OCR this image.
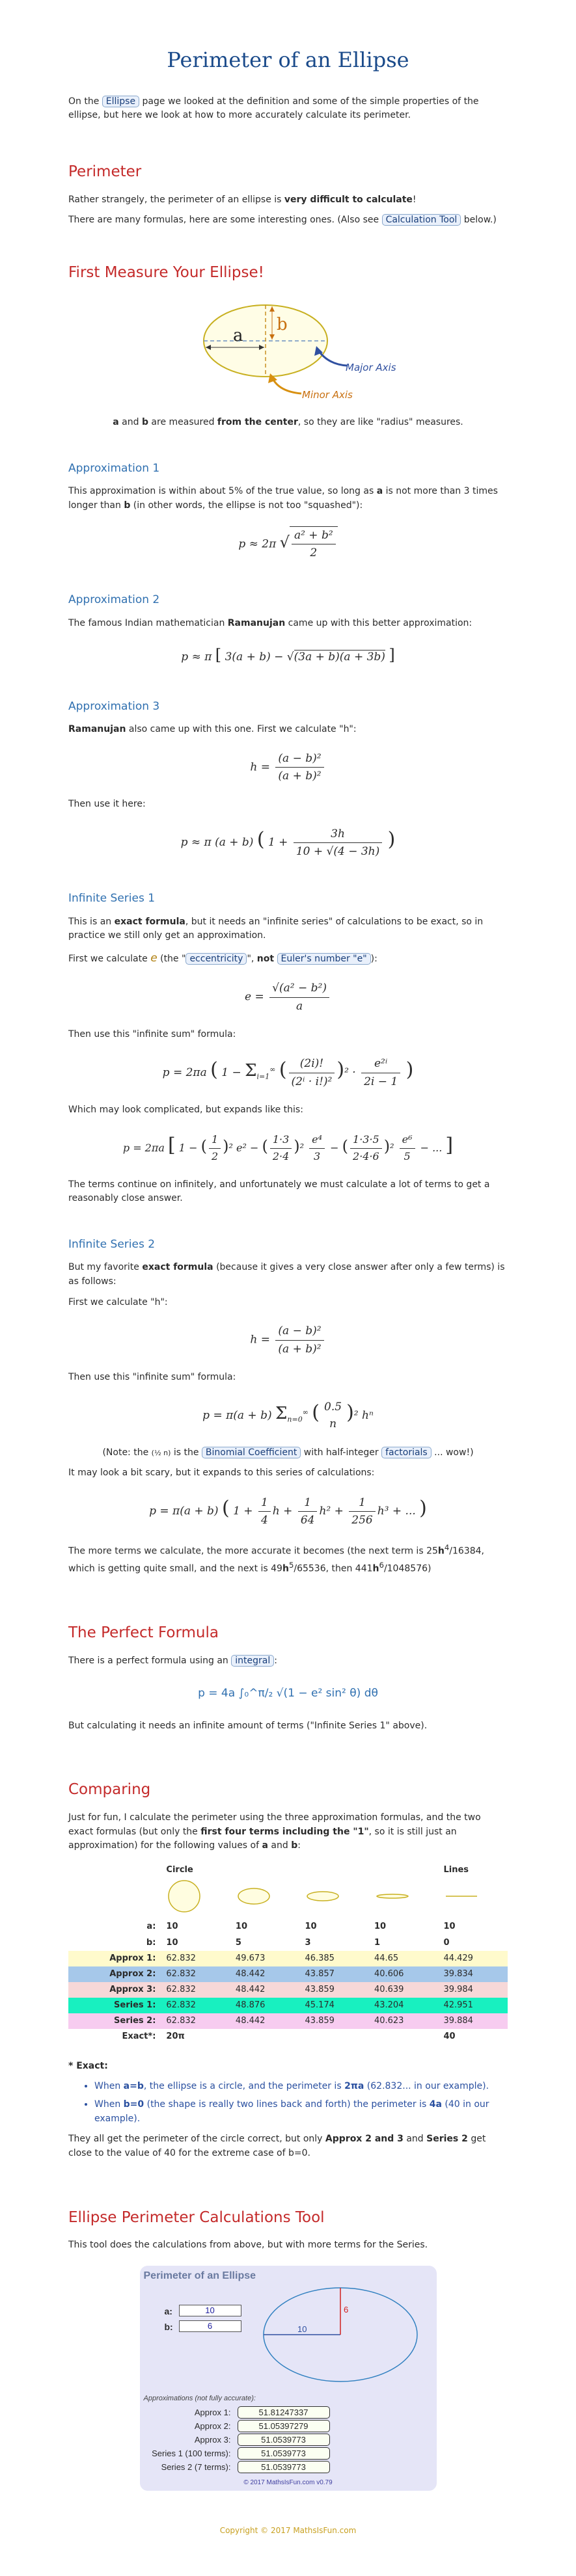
Perimeter of an Ellipse

On the Ellipse page we looked at the definition and some of the simple properties of the ellipse, but here we look at how to more accurately calculate its perimeter.

Perimeter

Rather strangely, the perimeter of an ellipse is very difficult to calculate!

There are many formulas, here are some interesting ones. (Also see Calculation Tool below.)

First Measure Your Ellipse!
a
b
Major Axis
Minor Axis

a and b are measured from the center, so they are like "radius" measures.

Approximation 1

This approximation is within about 5% of the true value, so long as a is not more than 3 times longer than b (in other words, the ellipse is not too "squashed"):

p ≈ 2π √ $\frac{\text{a² + b²}}{2}$
Approximation 2

The famous Indian mathematician Ramanujan came up with this better approximation:

p ≈ π [ 3(a + b) − √(3a + b)(a + 3b) ]
Approximation 3

Ramanujan also came up with this one. First we calculate "h":

$h = \frac{\text{(a − b)²}}{\text{(a + b)²}}$

Then use it here:

p ≈ π (a + b) ( $1 + \frac{3h}{10 + √(4 - 3h)}$ )
Infinite Series 1

This is an exact formula, but it needs an "infinite series" of calculations to be exact, so in practice we still only get an approximation.

First we calculate e (the " eccentricity ", not Euler's number "e" ):

$e = \frac{\text{√(a² − b²)}}{a}$

Then use this "infinite sum" formula:

p = 2πa ( $1 - \Sigma_{i=1}^\infty$ ( $\frac{(2i)!}{\text{(2ⁱ · i!)²}} )^2 \cdot \frac{\text{e²ⁱ}}{2i - 1}$ )

Which may look complicated, but expands like this:

p = 2πa [ 1 − ( $\frac{1}{2} )^2$ e² − ( $\frac{1\cdot 3}{2\cdot 4} )^2 \frac{\text{e⁴}}{3}$ − ( $\frac{1\cdot 3\cdot 5}{2\cdot 4\cdot 6} )^2 \frac{\text{e⁶}}{5}$ − ... ]

The terms continue on infinitely, and unfortunately we must calculate a lot of terms to get a reasonably close answer.

Infinite Series 2

But my favorite exact formula (because it gives a very close answer after only a few terms) is as follows:

First we calculate "h":

$h = \frac{\text{(a − b)²}}{\text{(a + b)²}}$

Then use this "infinite sum" formula:

p = π(a + b) $\Sigma_{n=0}^\infty$ ( 0.5
n
)² hⁿ

(Note: the (½ n) is the Binomial Coefficient with half-integer factorials ... wow!)

It may look a bit scary, but it expands to this series of calculations:

p = π(a + b) ( $1 + \frac{1}{4}$ $h + \frac{1}{64} h^2 + \frac{1}{256} h^3$ + ... )

The more terms we calculate, the more accurate it becomes (the next term is $25h^4/16384$, which is getting quite small, and the next is $49h^5/65536$, then $441h^6/1048576$)

The Perfect Formula

There is a perfect formula using an integral :

p = 4a ∫₀^π/₂ √(1 − e² sin² θ) dθ

But calculating it needs an infinite amount of terms ("Infinite Series 1" above).

Comparing

Just for fun, I calculate the perimeter using the three approximation formulas, and the two exact formulas (but only the first four terms including the "1", so it is still just an approximation) for the following values of a and b:

	Circle				Lines

a:	10	10	10	10	10
b:	10	5	3	1	0
Approx 1:	62.832	49.673	46.385	44.65	44.429
Approx 2:	62.832	48.442	43.857	40.606	39.834
Approx 3:	62.832	48.442	43.859	40.639	39.984
Series 1:	62.832	48.876	45.174	43.204	42.951
Series 2:	62.832	48.442	43.859	40.623	39.884
Exact*:	20π				40

* Exact:

• When a=b, the ellipse is a circle, and the perimeter is 2πa (62.832... in our example).
• When b=0 (the shape is really two lines back and forth) the perimeter is 4a (40 in our example).

They all get the perimeter of the circle correct, but only Approx 2 and 3 and Series 2 get close to the value of 40 for the extreme case of b=0.

Ellipse Perimeter Calculations Tool

This tool does the calculations from above, but with more terms for the Series.

Perimeter of an Ellipse
a:	10
b:	6	10
6
Approximations (not fully accurate):
Approx 1:	51.81247337
Approx 2:	51.05397279
Approx 3:	51.0539773
Series 1 (100 terms):	51.0539773
Series 2 (7 terms):	51.0539773
© 2017 MathsIsFun.com v0.79
Copyright © 2017 MathsIsFun.com
